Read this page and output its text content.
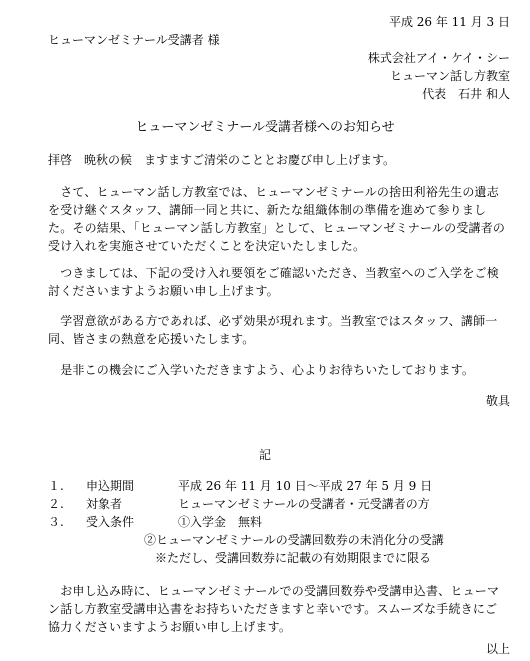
平成 26 年 11 月 3 日
ヒューマンゼミナール受講者 様
株式会社アイ・ケイ・シー
ヒューマン話し方教室
代表　石井 和人
ヒューマンゼミナール受講者様へのお知らせ
拝啓　晩秋の候　ますますご清栄のこととお慶び申し上げます。
　さて、ヒューマン話し方教室では、ヒューマンゼミナールの捨田利裕先生の遺志を受け継ぐスタッフ、講師一同と共に、新たな組織体制の準備を進めて参りました。その結果、「ヒューマン話し方教室」として、ヒューマンゼミナールの受講者の受け入れを実施させていただくことを決定いたしました。
　つきましては、下記の受け入れ要領をご確認いただき、当教室へのご入学をご検討くださいますようお願い申し上げます。
　学習意欲がある方であれば、必ず効果が現れます。当教室ではスタッフ、講師一同、皆さまの熱意を応援いたします。
　是非この機会にご入学いただきますよう、心よりお待ちいたしております。
敬具
記
１. 申込期間	平成 26 年 11 月 10 日～平成 27 年 5 月 9 日
２. 対象者	ヒューマンゼミナールの受講者・元受講者の方
３. 受入条件	①入学金　無料
②ヒューマンゼミナールの受講回数券の未消化分の受講
※ただし、受講回数券に記載の有効期限までに限る
　お申し込み時に、ヒューマンゼミナールでの受講回数券や受講申込書、ヒューマン話し方教室受講申込書をお持ちいただきますと幸いです。スムーズな手続きにご協力くださいますようお願い申し上げます。
以上
